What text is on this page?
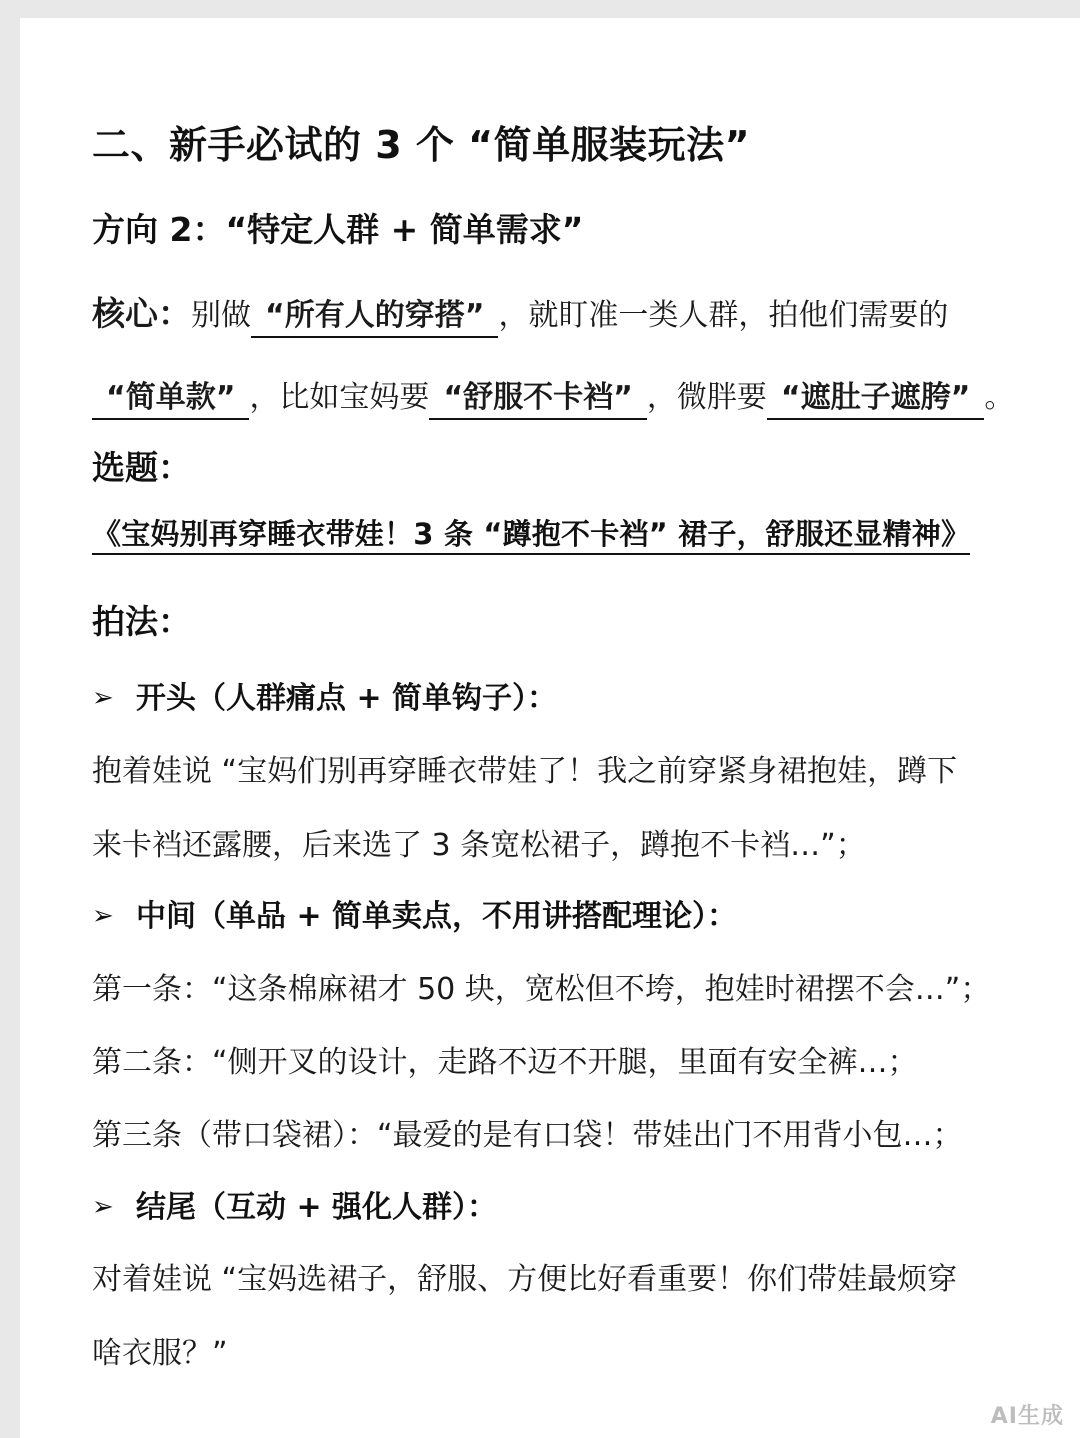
二、新手必试的 3 个 “简单服装玩法”
方向 2：“特定人群 + 简单需求”
核心：别做 “所有人的穿搭” ，就盯准一类人群，拍他们需要的
“简单款” ，比如宝妈要 “舒服不卡裆” ，微胖要 “遮肚子遮胯” 。
选题：
《宝妈别再穿睡衣带娃！3 条 “蹲抱不卡裆” 裙子，舒服还显精神》
拍法：
➢ 开头（人群痛点 + 简单钩子）：
抱着娃说 “宝妈们别再穿睡衣带娃了！我之前穿紧身裙抱娃，蹲下
来卡裆还露腰，后来选了 3 条宽松裙子，蹲抱不卡裆…”；
➢ 中间（单品 + 简单卖点，不用讲搭配理论）：
第一条：“这条棉麻裙才 50 块，宽松但不垮，抱娃时裙摆不会…”；
第二条：“侧开叉的设计，走路不迈不开腿，里面有安全裤…；
第三条（带口袋裙）：“最爱的是有口袋！带娃出门不用背小包…；
➢ 结尾（互动 + 强化人群）：
对着娃说 “宝妈选裙子，舒服、方便比好看重要！你们带娃最烦穿
啥衣服？”
AI生成
